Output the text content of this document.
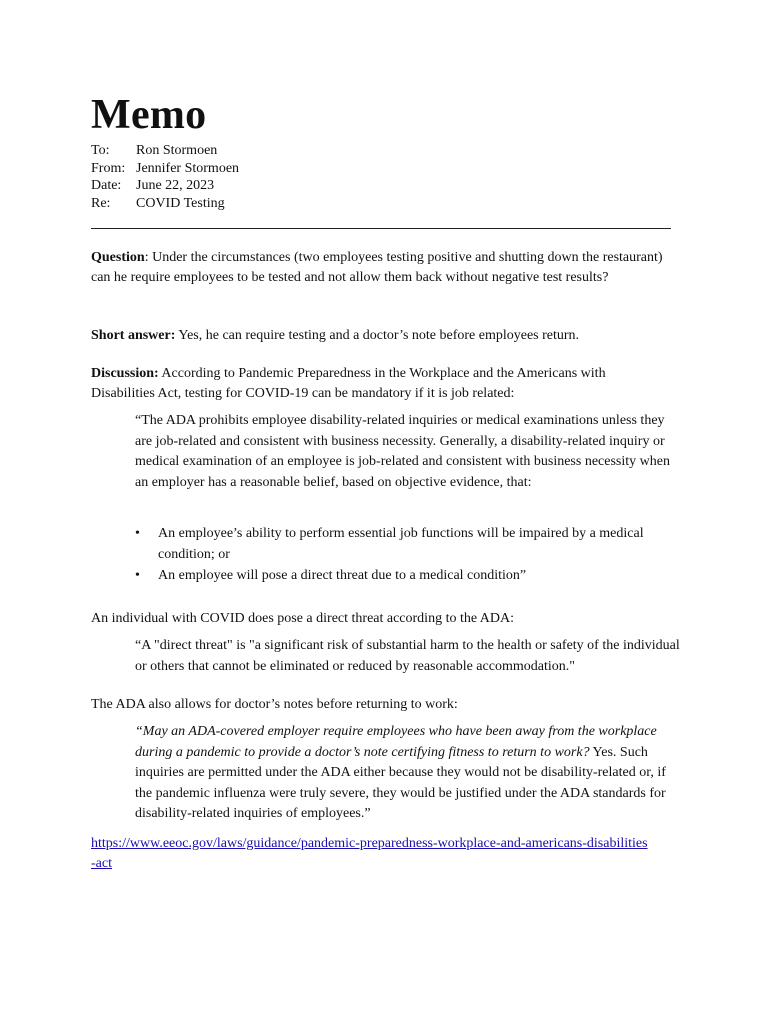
Memo
To:	Ron Stormoen
From: Jennifer Stormoen
Date:	June 22, 2023
Re:	COVID Testing

Question: Under the circumstances (two employees testing positive and shutting down the restaurant) can he require employees to be tested and not allow them back without negative test results?

Short answer: Yes, he can require testing and a doctor’s note before employees return.

Discussion: According to Pandemic Preparedness in the Workplace and the Americans with Disabilities Act, testing for COVID-19 can be mandatory if it is job related:

“The ADA prohibits employee disability-related inquiries or medical examinations unless they are job-related and consistent with business necessity. Generally, a disability-related inquiry or medical examination of an employee is job-related and consistent with business necessity when an employer has a reasonable belief, based on objective evidence, that:

• An employee’s ability to perform essential job functions will be impaired by a medical condition; or
• An employee will pose a direct threat due to a medical condition”

An individual with COVID does pose a direct threat according to the ADA:

“A "direct threat" is "a significant risk of substantial harm to the health or safety of the individual or others that cannot be eliminated or reduced by reasonable accommodation."

The ADA also allows for doctor’s notes before returning to work:

“May an ADA-covered employer require employees who have been away from the workplace during a pandemic to provide a doctor’s note certifying fitness to return to work? Yes. Such inquiries are permitted under the ADA either because they would not be disability-related or, if the pandemic influenza were truly severe, they would be justified under the ADA standards for disability-related inquiries of employees.”

https://www.eeoc.gov/laws/guidance/pandemic-preparedness-workplace-and-americans-disabilities-act
